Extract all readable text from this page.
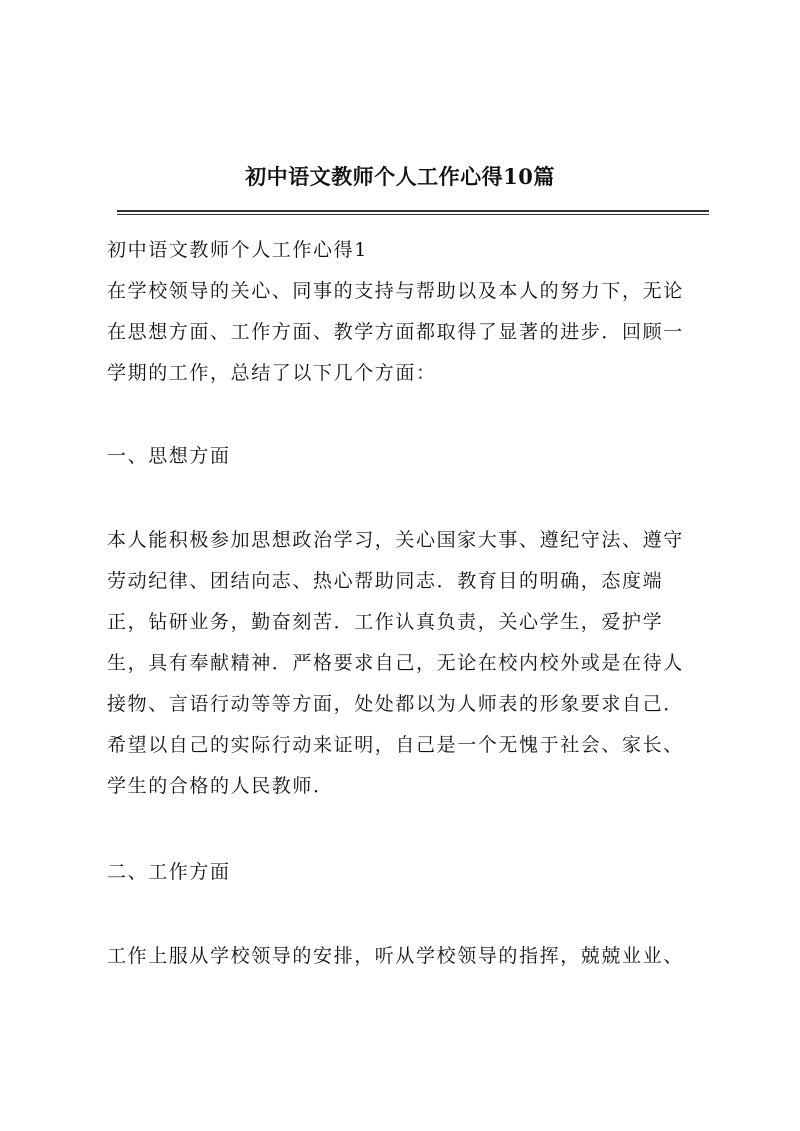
初中语文教师个人工作心得10篇
初中语文教师个人工作心得1
在学校领导的关心、同事的支持与帮助以及本人的努力下，无论
在思想方面、工作方面、教学方面都取得了显著的进步．回顾一
学期的工作，总结了以下几个方面：
一、思想方面
本人能积极参加思想政治学习，关心国家大事、遵纪守法、遵守
劳动纪律、团结向志、热心帮助同志．教育目的明确，态度端
正，钻研业务，勤奋刻苦．工作认真负责，关心学生，爱护学
生，具有奉献精神．严格要求自己，无论在校内校外或是在待人
接物、言语行动等等方面，处处都以为人师表的形象要求自己．
希望以自己的实际行动来证明，自己是一个无愧于社会、家长、
学生的合格的人民教师．
二、工作方面
工作上服从学校领导的安排，听从学校领导的指挥，兢兢业业、
